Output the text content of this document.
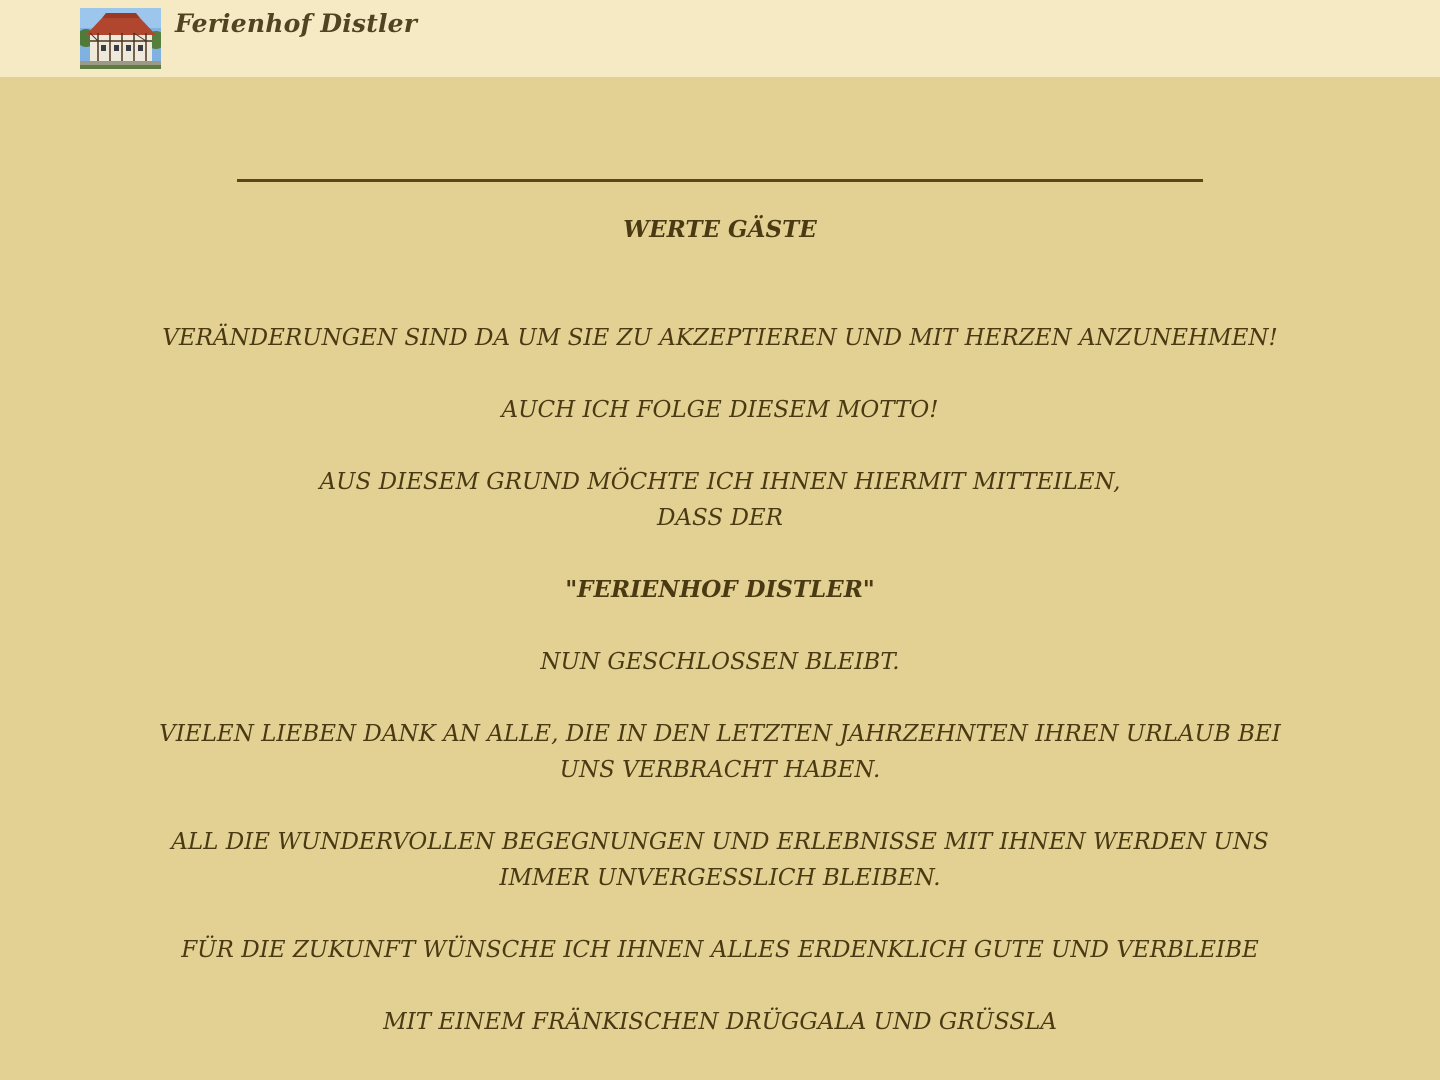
Ferienhof Distler

WERTE GÄSTE

VERÄNDERUNGEN SIND DA UM SIE ZU AKZEPTIEREN UND MIT HERZEN ANZUNEHMEN!

AUCH ICH FOLGE DIESEM MOTTO!

AUS DIESEM GRUND MÖCHTE ICH IHNEN HIERMIT MITTEILEN,

DASS DER

"FERIENHOF DISTLER"

NUN GESCHLOSSEN BLEIBT.

VIELEN LIEBEN DANK AN ALLE, DIE IN DEN LETZTEN JAHRZEHNTEN IHREN URLAUB BEI

UNS VERBRACHT HABEN.

ALL DIE WUNDERVOLLEN BEGEGNUNGEN UND ERLEBNISSE MIT IHNEN WERDEN UNS

IMMER UNVERGESSLICH BLEIBEN.

FÜR DIE ZUKUNFT WÜNSCHE ICH IHNEN ALLES ERDENKLICH GUTE UND VERBLEIBE

MIT EINEM FRÄNKISCHEN DRÜGGALA UND GRÜSSLA
